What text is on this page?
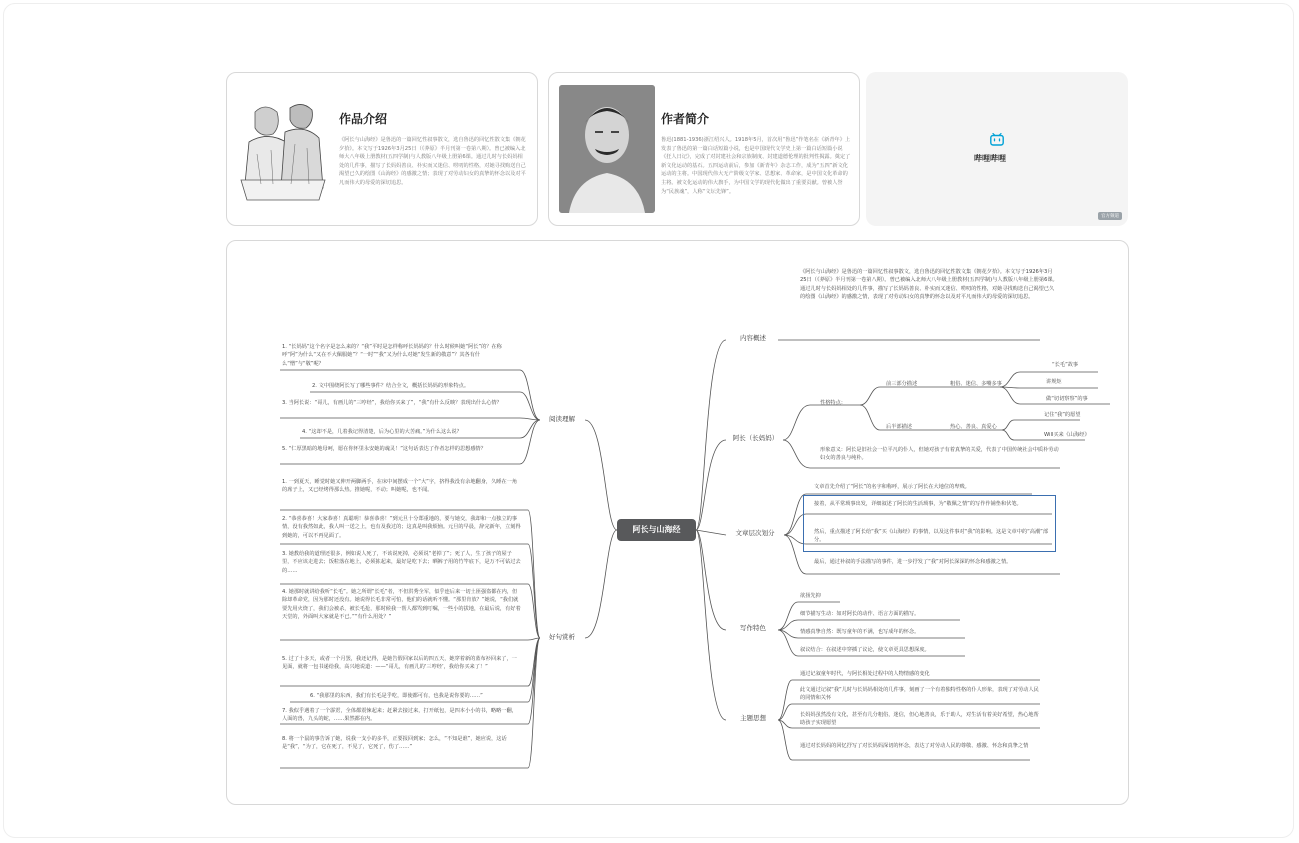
作品介绍
《阿长与山海经》是鲁迅的一篇回忆性叙事散文，选自鲁迅的回忆性散文集《朝花夕拾》。本文写于1926年3月25日（《莽原》半月刊第一卷第八期）。曾已被编入北师大八年级上册教材(五四学制)与人教版八年级上册第6课。通过儿时与长妈妈相处的几件事，描写了长妈妈善良、朴实而又迷信、唠叨的性格，对她寻找购送自己渴望已久的绘图《山海经》的感激之情；表现了对劳动妇女的真挚的怀念以及对平凡而伟大的母爱的深切追思。
作者简介
鲁迅(1881-1936)浙江绍兴人。1918年5月，首次用“鲁迅”作笔名在《新青年》上发表了鲁迅的第一篇白话短篇小说，也是中国现代文学史上第一篇白话短篇小说《狂人日记》，完成了对封建社会和宗族制度、封建道德伦理的批判性揭露。奠定了新文化运动的基石。五四运动前后，参加《新青年》杂志工作，成为“五四”新文化运动的主将。中国现代伟大无产阶级文学家、思想家、革命家，是中国文化革命的主将。被文化运动的伟大旗手，为中国文学的现代化做出了重要贡献。曾被人誉为“民族魂”，人称“文坛先锋”。
哔哩哔哩
官方频道
阿长与山海经
内容概述
《阿长与山海经》是鲁迅的一篇回忆性叙事散文，选自鲁迅的回忆性散文集《朝花夕拾》。本文写于1926年3月25日（《莽原》半月刊第一卷第八期）。曾已被编入北师大八年级上册教材(五四学制)与人教版八年级上册第6课。通过儿时与长妈妈相处的几件事，描写了长妈妈善良、朴实而又迷信、唠叨的性格，对她寻找购送自己渴望已久的绘图《山海经》的感激之情，表现了对劳动妇女的真挚的怀念以及对平凡而伟大的母爱的深切追思。
阿长（长妈妈）
性格特点：
前三部分描述	粗俗、迷信、多嘴多事
后半部描述	热心、善良、真爱心
“长毛”故事
讲规矩
做“切切察察”的事
记住“我”的愿望
Will买来《山海经》
形象意义：阿长是旧社会一位平凡的仆人，但她对孩子有着真挚的关爱，代表了中国传统社会中质朴劳动妇女的善良与纯朴。
文章层次划分
文章首先介绍了“阿长”的名字和称呼，展示了阿长在大地位的卑贱。
接着，从平常琐事出发，详细叙述了阿长的生活琐事，为“敬佩之情”的写作作铺垫和伏笔。
然后，重点描述了阿长给“我”买《山海经》的事情，以及这件事对“我”的影响。这是文章中的“高潮”部分。
最后，通过补叙的手法描写的事件，进一步抒发了“我”对阿长深深的怀念和感激之情。
写作特色
欲扬先抑
细节描写生动：如对阿长的动作、语言方面的描写。
情感真挚自然：既写童年的不满，也写成年的怀念。
叙议结合：在叙述中穿插了议论，使文章更具思想深度。
主题思想
通过记叙童年时代，与阿长相处过程中的人物情感的变化
此文通过记叙“我”儿时与长妈妈相处的几件事，刻画了一个有着独特性格的仆人形象，表现了对劳动人民的同情和关怀
长妈妈虽然没有文化，甚至有几分粗俗，迷信，但心地善良，乐于助人，对生活有着美好希望，热心地帮助孩子实现愿望
通过对长妈妈的回忆抒写了对长妈妈深切的怀念，表达了对劳动人民的尊敬、感激、怀念和真挚之情
阅读理解
1. “长妈妈”这个名字是怎么来的？“我”平时是怎样称呼长妈妈的？什么时候叫她“阿长”的？在称呼“阿”为什么“又在不大佩服她”？“一时”“我”又为什么对她“发生新的敬意”？其各有什么“憎”与“敬”呢？
2. 文中围绕阿长写了哪些事件？结合全文，概括长妈妈的形象特点。
3. 当阿长说：“哥儿，有画儿的“三哼经”，我给你买来了”，“我”有什么反映？表现出什么心情？
4. “这却不是，几着我记得清楚，后为心里的大苦痛。”为什么这么说？
5. “仁厚黑暗的地母呵，愿在你怀里永安她的魂灵！”这句话表达了作者怎样的思想感情？
好句赏析
1. 一到夏天，睡觉时她又伸开两脚两手，在床中间摆成一个“大”字，挤得我没有余地翻身，久睡在一角的席子上，又已经烤得那么热。推她呢，不动；叫她呢，也不闻。
2. “恭喜恭喜！大家恭喜！真聪明！恭喜恭喜！”到元旦十分郑重地的，要与她交，我却和一点独立的事情，没有我然如此，我人叫一送之上，也有及我过的；这真是叫我烦恼。元旦的早晨，辞完新年，立刻得到她的，可以不再见面了。
3. 她教给我的道理还很多，例如说人死了，不该说死掉，必须说“老掉了”；死了人，生了孩子的屋子里，不应该走进去；饭粒落在地上，必须拣起来，最好是吃下去；晒裤子用的竹竿底下，是万不可钻过去的……
4. 她那时就讲给我听“长毛”。她之所谓“长毛”者，不但洪秀全军，似乎连后来一切土匪强盗都在内，但除却革命党，因为那时还没有。她说得长毛非常可怕，他们的话就听不懂。“那里肯放？”她说，“我们就要先用火烧了，我们会被杀，被长毛抢，那时候我一帮人都骂到叮嘱，一些小的拔地，在最后说，有好着天堂的，外面叫大家就是不已。”“有什么用处？”
5. 过了十多天，或者一个月罢，我还记得，是她告假回家以后的四五天，她穿着新的蓝布衫回来了，一见面，就将一包书递给我，高兴地说道：——“哥儿，有画儿的‘三哼经’，我给你买来了！”
6. “我那里的东西，我们有长毛是乎吃，即使都可有，也我是说你要的……”
7. 我似乎遇着了一个霹雳，全体都震悚起来；赶紧去接过来，打开纸包，是四本小小的书，略略一翻，人面的兽，九头的蛇，……果然都在内。
8. 将一个鼠的事告诉了她，说我一支小的多半，正要报回到家；怎么，“不知是谁”，她应说，这话是“我”，“为了，它在死了，不见了，它死了，伤了……”
